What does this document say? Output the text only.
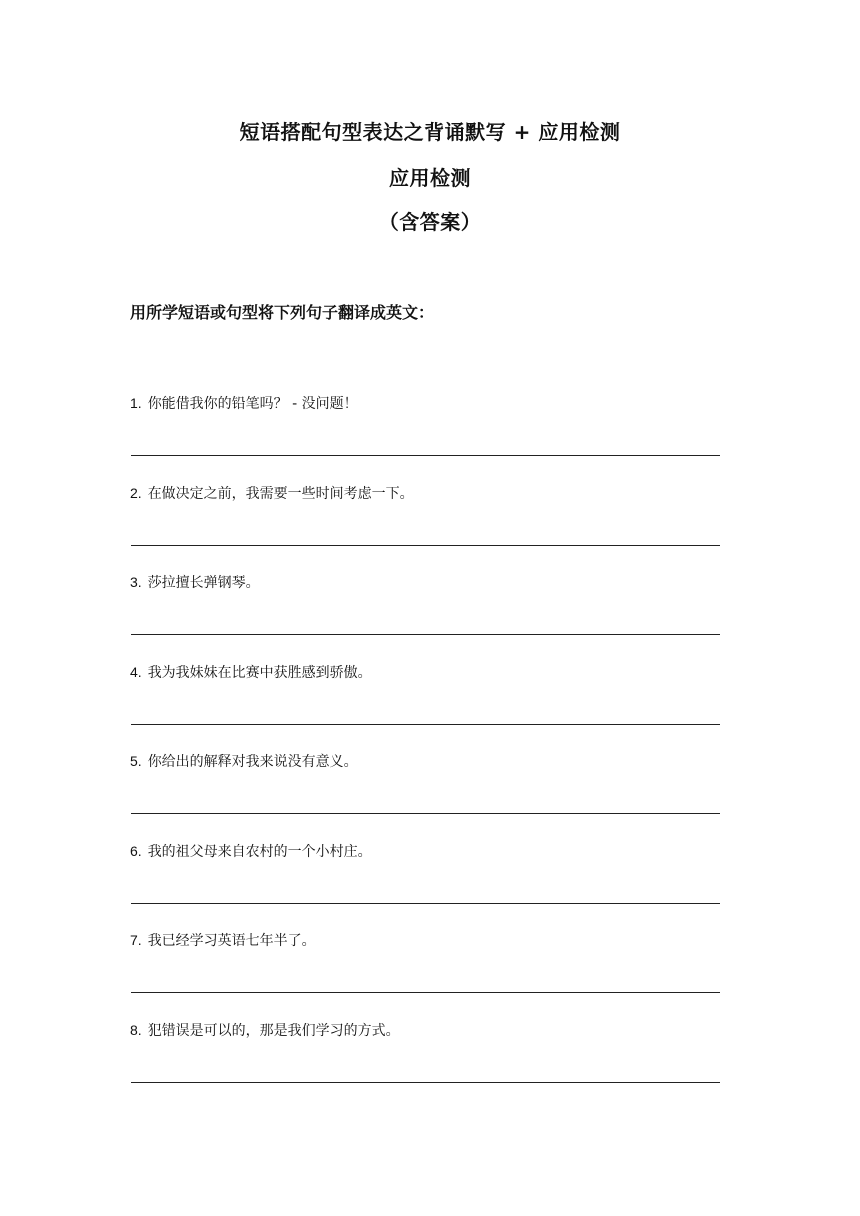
短语搭配句型表达之背诵默写 + 应用检测
应用检测
（含答案）
用所学短语或句型将下列句子翻译成英文：
1. 你能借我你的铅笔吗？ - 没问题！
2. 在做决定之前，我需要一些时间考虑一下。
3. 莎拉擅长弹钢琴。
4. 我为我妹妹在比赛中获胜感到骄傲。
5. 你给出的解释对我来说没有意义。
6. 我的祖父母来自农村的一个小村庄。
7. 我已经学习英语七年半了。
8. 犯错误是可以的，那是我们学习的方式。
